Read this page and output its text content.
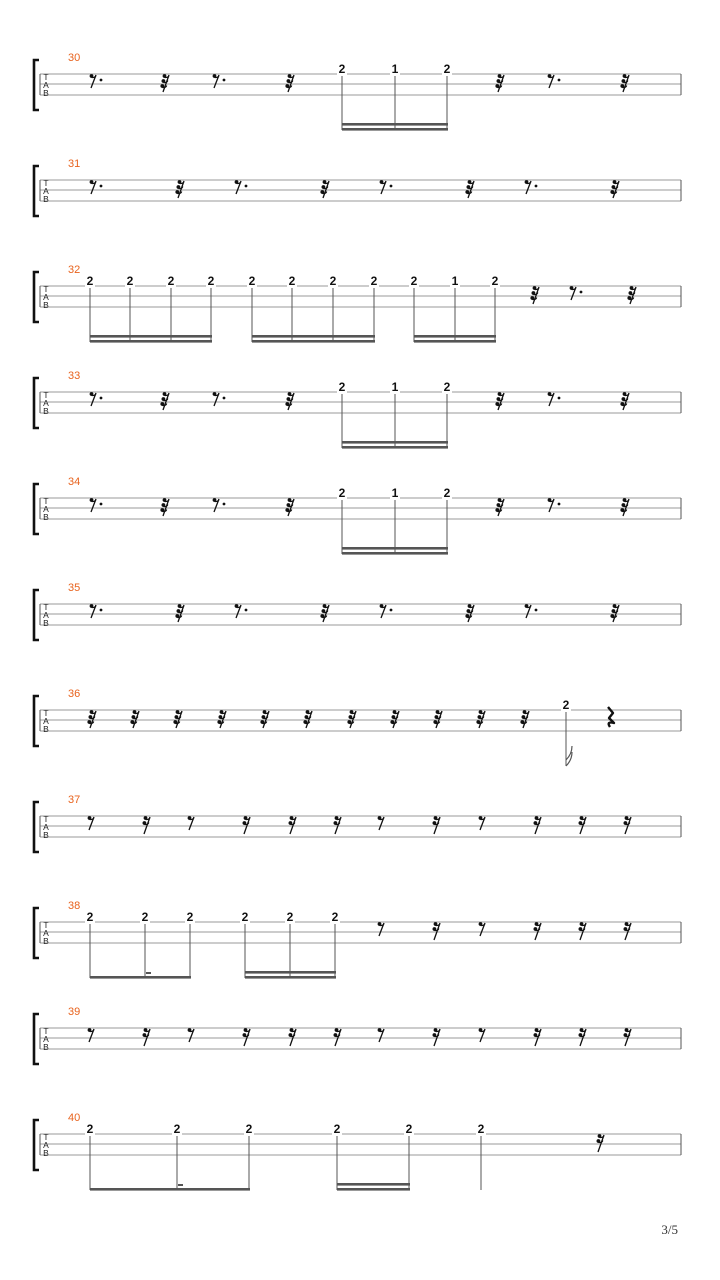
30
T
A
B
2	1	2
31
T
A
B
32
T
A
B
2	2	2	2	2	2	2	2	2	1	2
33
T
A
B
2	1	2
34
T
A
B
2	1	2
35
T
A
B
36
T
A
B
2
37
T
A
B
38
T
A
B
2	2	2	2	2	2
39
T
A
B
40
T
A
B
2	2	2	2	2	2
3/5
